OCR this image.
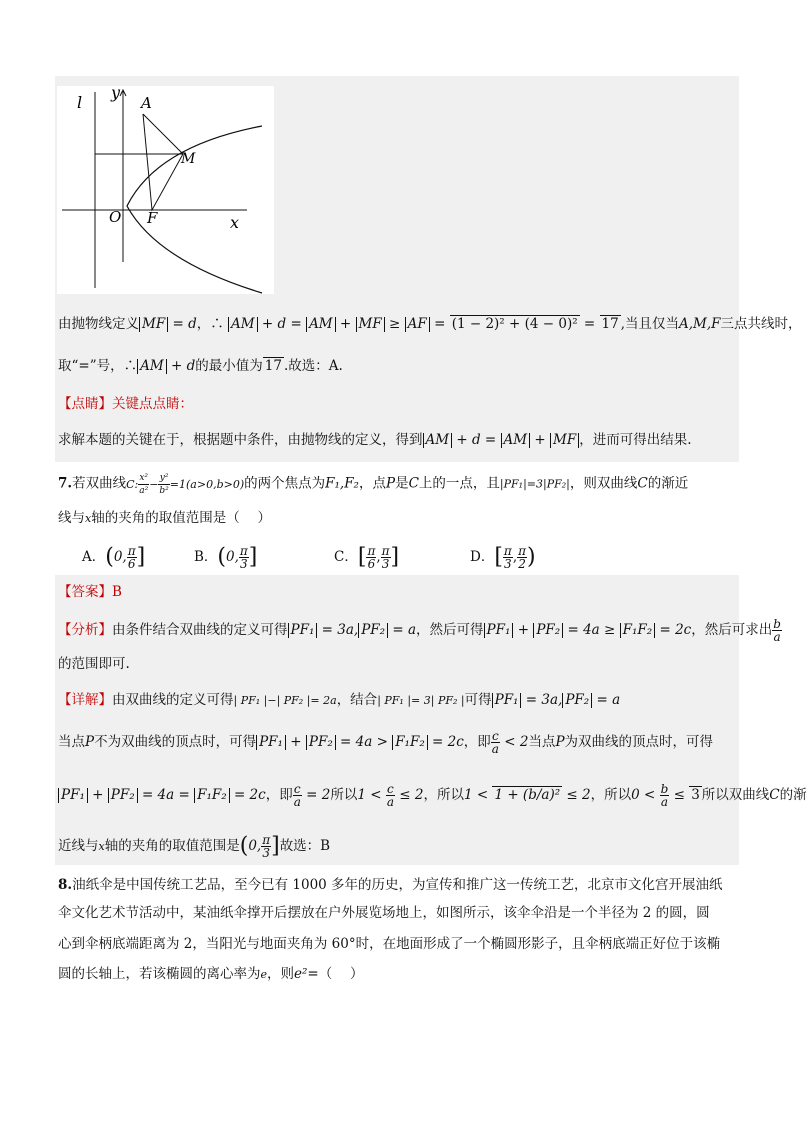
l
y
A
M
O F	x
由抛物线定义 MF = d，∴ AM + d = AM + MF ≥ AF = (1 − 2)² + (4 − 0)² = 17 ,当且仅当A,M,F三点共线时，
取“=”号，∴ AM + d的最小值为 17 .故选：A.
【点睛】关键点点睛：
求解本题的关键在于，根据题中条件，由抛物线的定义，得到 AM + d = AM + MF ，进而可得出结果.
7.若双曲线C: $\frac{\text{x²}}{\text{a²}} - \frac{\text{y²}}{\text{b²}} =1(a>0,b>0)$的两个焦点为F₁,F₂，点P是C上的一点，且|PF₁|=3|PF₂|，则双曲线C的渐近
线与x轴的夹角的取值范围是（　 ）
A．(0, $\frac{\pi}{6}$ ]	B．(0, $\frac{\pi}{3}$ ]	C．[ $\frac{\pi}{6}$ , $\frac{\pi}{3}$ ]	D．[ $\frac{\pi}{3}$ , $\frac{\pi}{2}$ )
【答案】B
【分析】由条件结合双曲线的定义可得 PF₁ = 3a, PF₂ = a，然后可得 PF₁ + PF₂ = 4a ≥ F₁F₂ = 2c，然后可求出 $\frac{b}{a}$
的范围即可.
【详解】由双曲线的定义可得| PF₁ |−| PF₂ |= 2a，结合| PF₁ |= 3| PF₂ |可得 PF₁ = 3a, PF₂ = a
当点P不为双曲线的顶点时，可得 PF₁ + PF₂ = 4a > F₁F₂ = 2c，即 $\frac{c}{a} < 2$当点P为双曲线的顶点时，可得
PF₁ + PF₂ = 4a = F₁F₂ = 2c，即 $\frac{c}{a} = 2$所以$1 < \frac{c}{a} \le 2$，所以1 < 1 + (b/a)² ≤ 2，所以$0 < \frac{b}{a} \le 3$ 所以双曲线C的渐
近线与x轴的夹角的取值范围是(0, $\frac{\pi}{3}$ ]故选：B
8.油纸伞是中国传统工艺品，至今已有 1000 多年的历史，为宣传和推广这一传统工艺，北京市文化宫开展油纸
伞文化艺术节活动中，某油纸伞撑开后摆放在户外展览场地上，如图所示，该伞伞沿是一个半径为 2 的圆，圆
心到伞柄底端距离为 2，当阳光与地面夹角为 60°时，在地面形成了一个椭圆形影子，且伞柄底端正好位于该椭
圆的长轴上，若该椭圆的离心率为e，则e²=（　 ）
